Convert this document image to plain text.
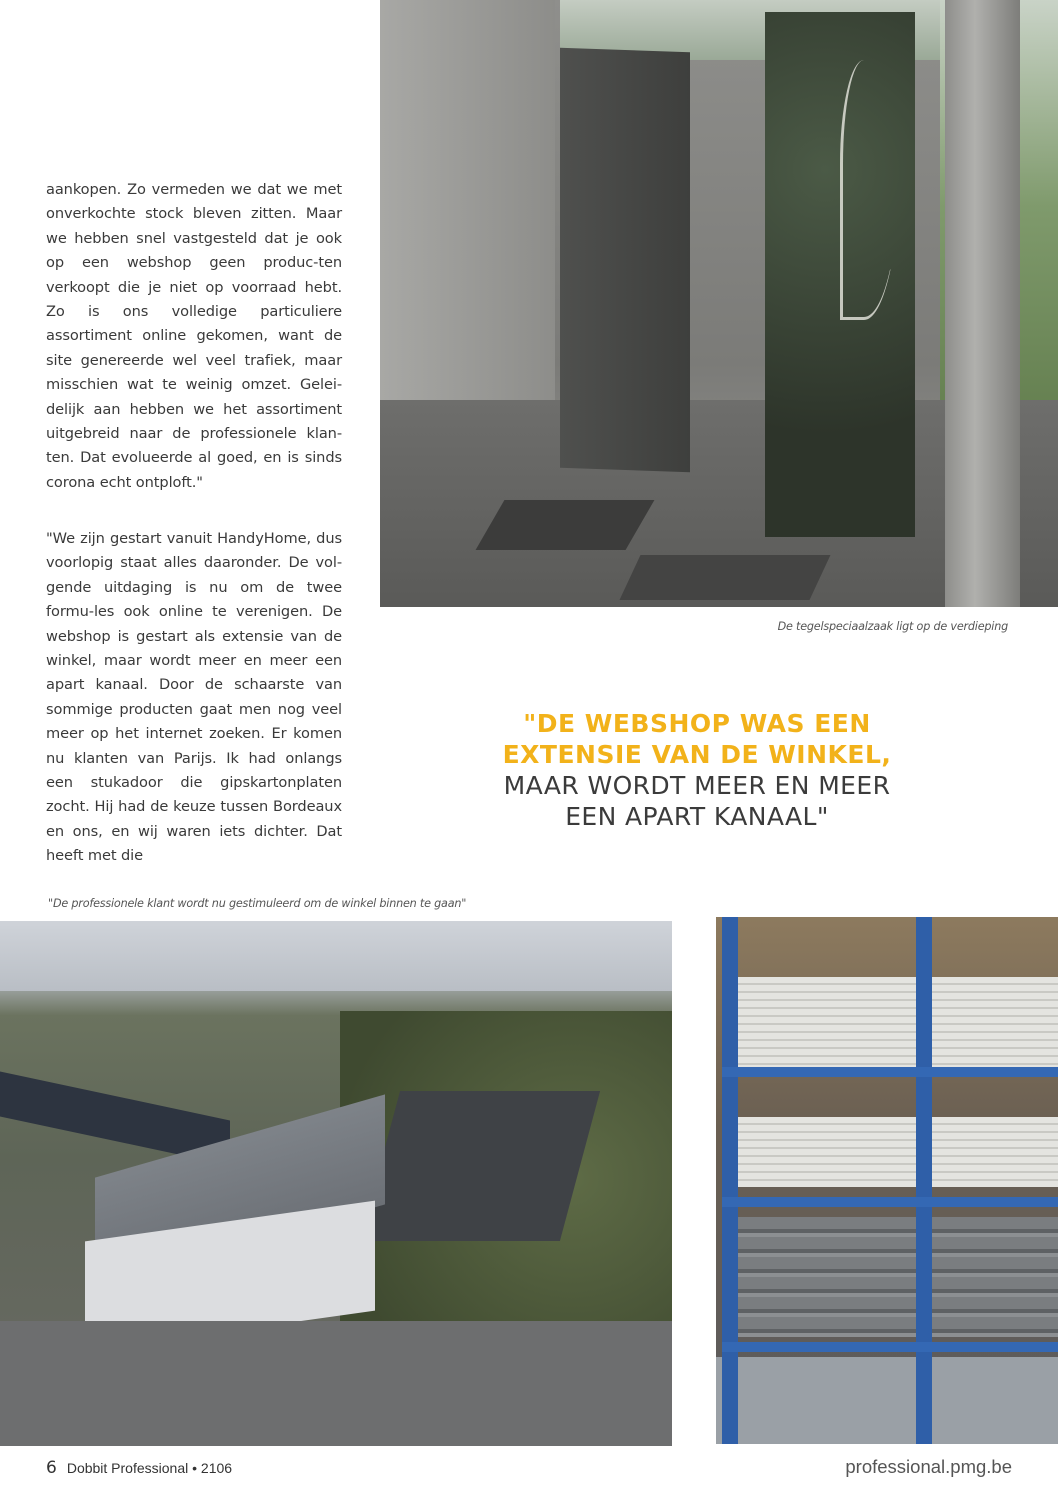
aankopen. Zo vermeden we dat we met onverkochte stock bleven zitten. Maar we hebben snel vastgesteld dat je ook op een webshop geen produc-ten verkoopt die je niet op voorraad hebt. Zo is ons volledige particuliere assortiment online gekomen, want de site genereerde wel veel trafiek, maar misschien wat te weinig omzet. Gelei-delijk aan hebben we het assortiment uitgebreid naar de professionele klan-ten. Dat evolueerde al goed, en is sinds corona echt ontploft."

"We zijn gestart vanuit HandyHome, dus voorlopig staat alles daaronder. De vol-gende uitdaging is nu om de twee formu-les ook online te verenigen. De webshop is gestart als extensie van de winkel, maar wordt meer en meer een apart kanaal. Door de schaarste van sommige producten gaat men nog veel meer op het internet zoeken. Er komen nu klanten van Parijs. Ik had onlangs een stukadoor die gipskartonplaten zocht. Hij had de keuze tussen Bordeaux en ons, en wij waren iets dichter. Dat heeft met die

De tegelspeciaalzaak ligt op de verdieping
"DE WEBSHOP WAS EEN
EXTENSIE VAN DE WINKEL,
MAAR WORDT MEER EN MEER
EEN APART KANAAL"
"De professionele klant wordt nu gestimuleerd om de winkel binnen te gaan"
6 Dobbit Professional • 2106	professional.pmg.be
